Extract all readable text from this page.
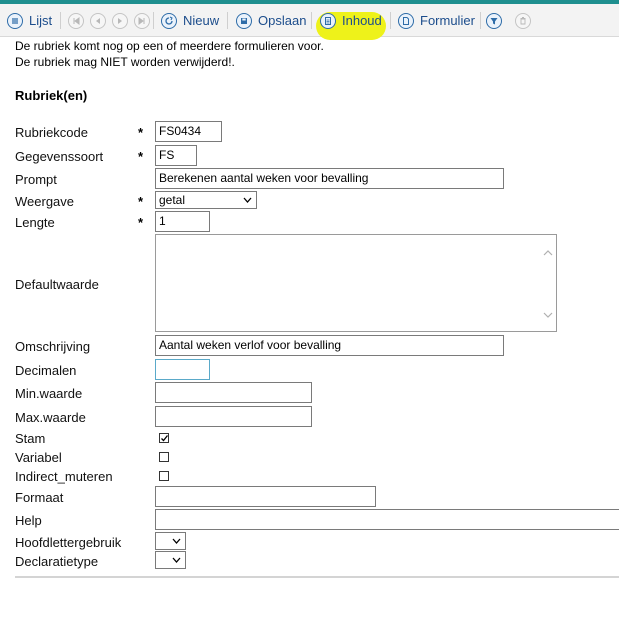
Lijst	Nieuw	Opslaan	Inhoud	Formulier
De rubriek komt nog op een of meerdere formulieren voor.
De rubriek mag NIET worden verwijderd!.
Rubriek(en)
Rubriekcode	*	FS0434
Gegevenssoort	*	FS
Prompt	Berekenen aantal weken voor bevalling
Weergave	*	getal
Lengte	*	1
Defaultwaarde
Omschrijving	Aantal weken verlof voor bevalling
Decimalen
Min.waarde
Max.waarde
Stam
Variabel
Indirect_muteren
Formaat
Help
Hoofdlettergebruik
Declaratietype
